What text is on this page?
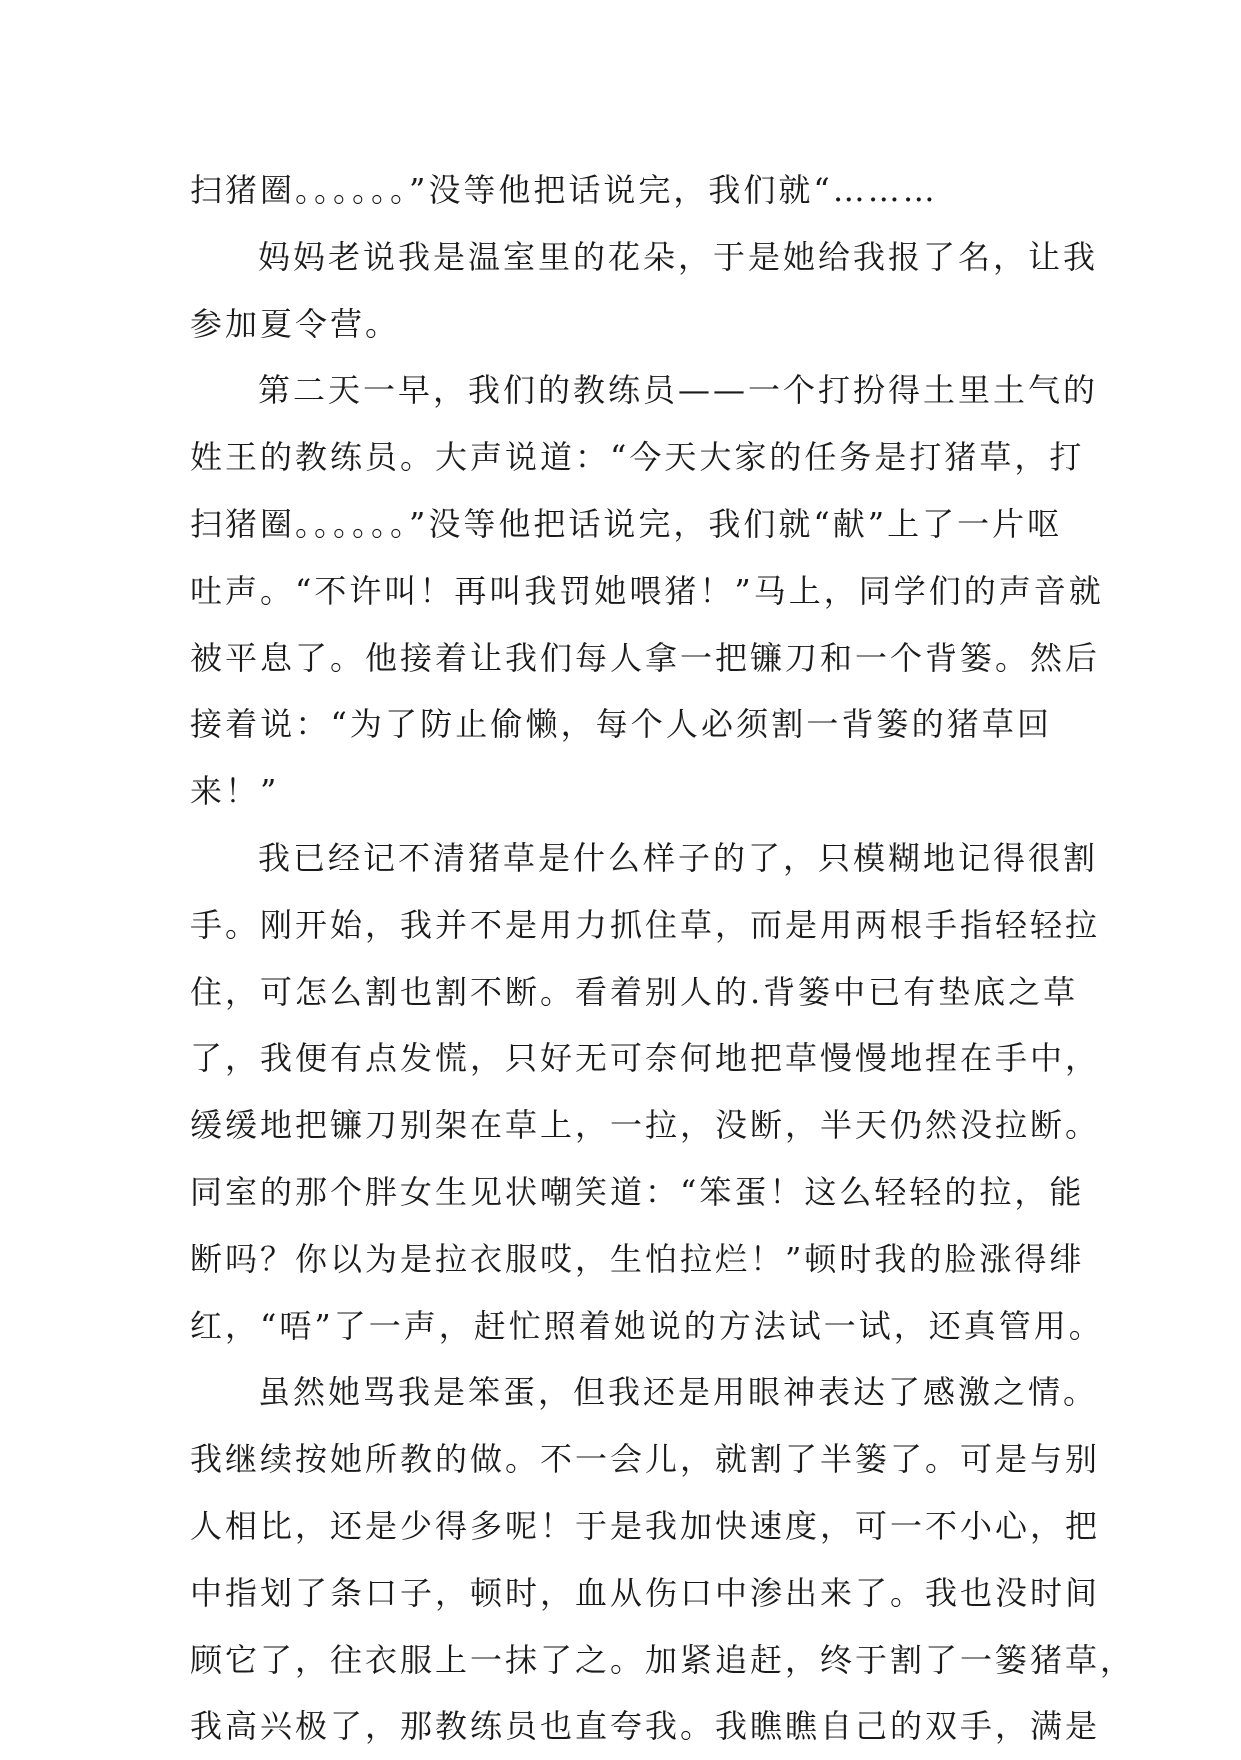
扫猪圈。。。。。。”没等他把话说完，我们就“………
妈妈老说我是温室里的花朵，于是她给我报了名，让我
参加夏令营。
第二天一早，我们的教练员——一个打扮得土里土气的
姓王的教练员。大声说道：“今天大家的任务是打猪草，打
扫猪圈。。。。。。”没等他把话说完，我们就“献”上了一片呕
吐声。“不许叫！再叫我罚她喂猪！”马上，同学们的声音就
被平息了。他接着让我们每人拿一把镰刀和一个背篓。然后
接着说：“为了防止偷懒，每个人必须割一背篓的猪草回
来！”
我已经记不清猪草是什么样子的了，只模糊地记得很割
手。刚开始，我并不是用力抓住草，而是用两根手指轻轻拉
住，可怎么割也割不断。看着别人的.背篓中已有垫底之草
了，我便有点发慌，只好无可奈何地把草慢慢地捏在手中，
缓缓地把镰刀别架在草上，一拉，没断，半天仍然没拉断。
同室的那个胖女生见状嘲笑道：“笨蛋！这么轻轻的拉，能
断吗？你以为是拉衣服哎，生怕拉烂！”顿时我的脸涨得绯
红，“唔”了一声，赶忙照着她说的方法试一试，还真管用。
虽然她骂我是笨蛋，但我还是用眼神表达了感激之情。
我继续按她所教的做。不一会儿，就割了半篓了。可是与别
人相比，还是少得多呢！于是我加快速度，可一不小心，把
中指划了条口子，顿时，血从伤口中渗出来了。我也没时间
顾它了，往衣服上一抹了之。加紧追赶，终于割了一篓猪草，
我高兴极了，那教练员也直夸我。我瞧瞧自己的双手，满是
